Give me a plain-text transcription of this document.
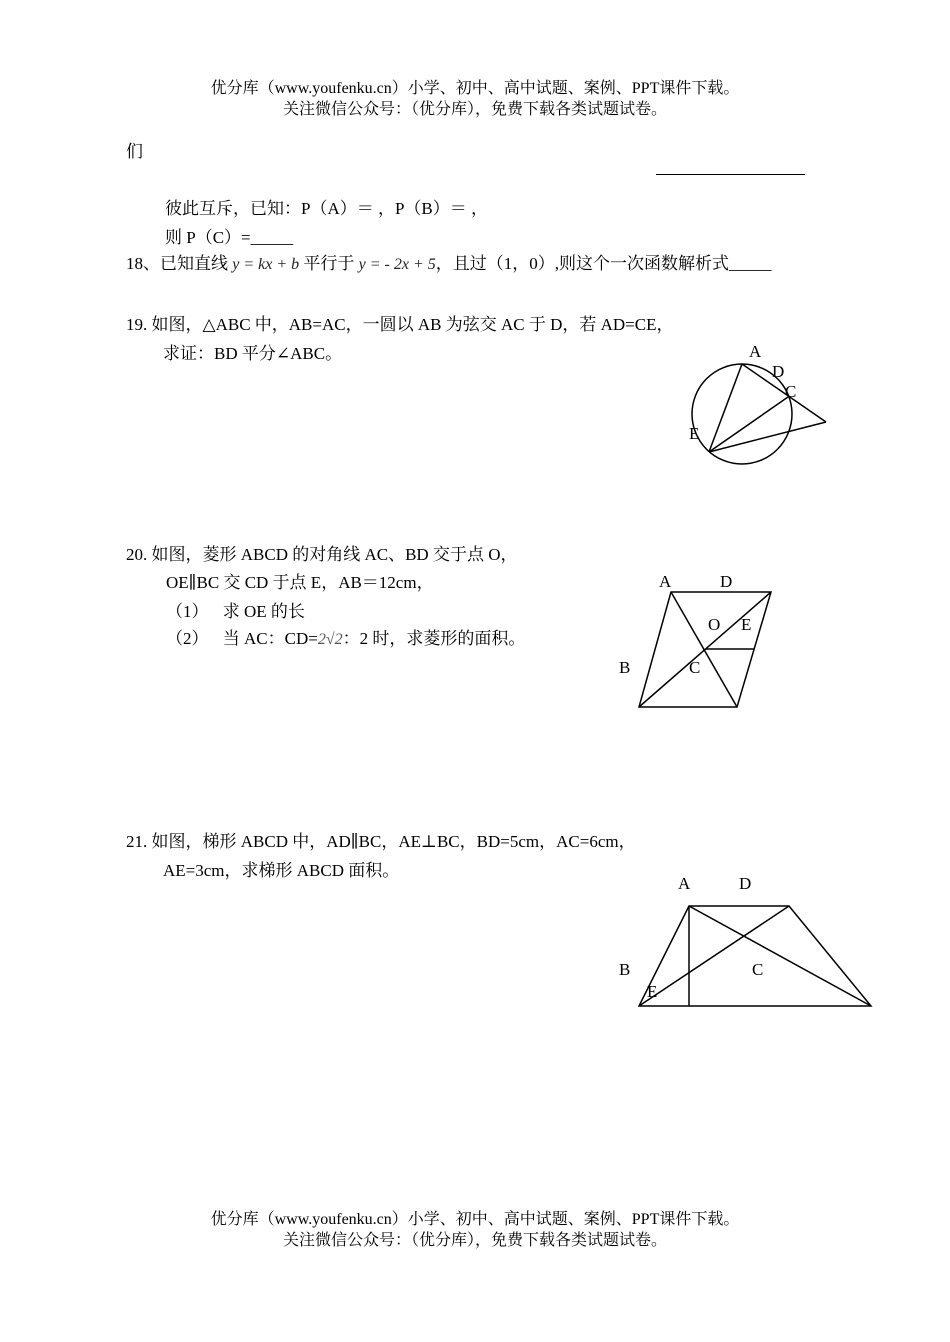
优分库（www.youfenku.cn）小学、初中、高中试题、案例、PPT课件下载。
关注微信公众号：（优分库），免费下载各类试题试卷。
们
彼此互斥，已知：P（A）＝ ，P（B）＝ ，
则 P（C）=_____
18、已知直线 y = kx + b 平行于 y = - 2x + 5，且过（1，0）,则这个一次函数解析式_____
19. 如图，△ABC 中，AB=AC，一圆以 AB 为弦交 AC 于 D，若 AD=CE，
求证：BD 平分∠ABC。	A
D
C
E
20. 如图，菱形 ABCD 的对角线 AC、BD 交于点 O，
OE∥BC 交 CD 于点 E，AB＝12cm，
（1） 求 OE 的长
（2） 当 AC：CD=2√2：2 时，求菱形的面积。
A	D
O E
B	C
21. 如图，梯形 ABCD 中，AD∥BC，AE⊥BC，BD=5cm，AC=6cm，
AE=3cm，求梯形 ABCD 面积。
A	D
B	C
E
优分库（www.youfenku.cn）小学、初中、高中试题、案例、PPT课件下载。
关注微信公众号：（优分库），免费下载各类试题试卷。
